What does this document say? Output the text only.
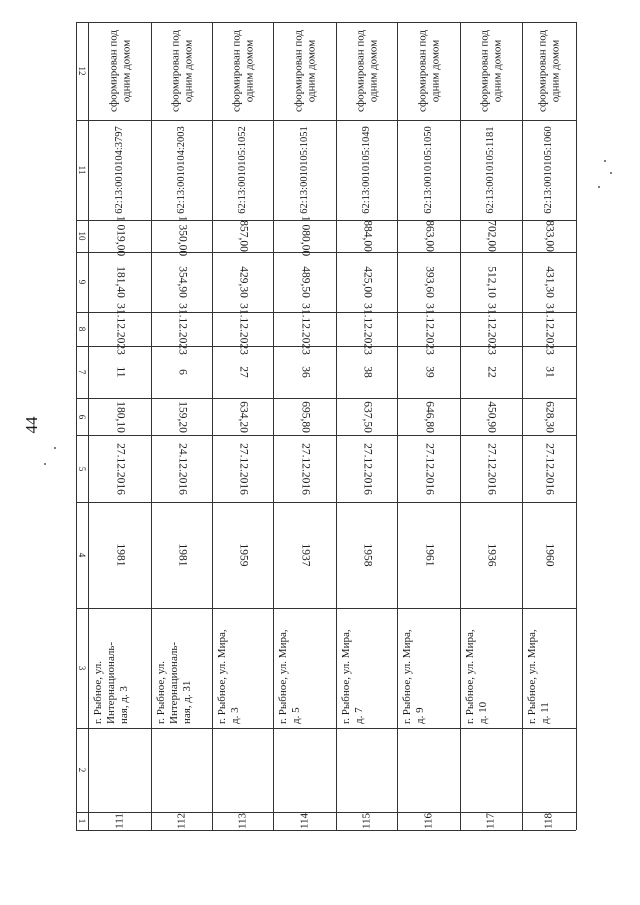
44
12
11
10
9
8
7
6
5
4
3
2
1
сформирован под одним домом
62:13:0010104:3797
1 019,00
181,40
31.12.2023
11
180,10
27.12.2016
1981
г. Рыбное, ул. Интернациональ-ная, д. 3
111
сформирован под одним домом
62:13:0010104:2003
1 350,00
354,90
31.12.2023
6
159,20
24.12.2016
1981
г. Рыбное, ул. Интернациональ-ная, д. 31
112
сформирован под одним домом
62:13:0010105:1052
857,00
429,30
31.12.2023
27
634,20
27.12.2016
1959
г. Рыбное, ул. Мира, д. 3
113
сформирован под одним домом
62:13:0010105:1051
1 080,00
489,50
31.12.2023
36
695,80
27.12.2016
1937
г. Рыбное, ул. Мира, д. 5
114
сформирован под одним домом
62:13:0010105:1049
884,00
425,00
31.12.2023
38
637,50
27.12.2016
1958
г. Рыбное, ул. Мира, д. 7
115
сформирован под одним домом
62:13:0010105:1050
863,00
393,60
31.12.2023
39
646,80
27.12.2016
1961
г. Рыбное, ул. Мира, д. 9
116
сформирован под одним домом
62:13:0010105:1181
702,00
512,10
31.12.2023
22
450,90
27.12.2016
1936
г. Рыбное, ул. Мира, д. 10
117
сформирован под одним домом
62:13:0010105:1060
833,00
431,30
31.12.2023
31
628,30
27.12.2016
1960
г. Рыбное, ул. Мира, д. 11
118
